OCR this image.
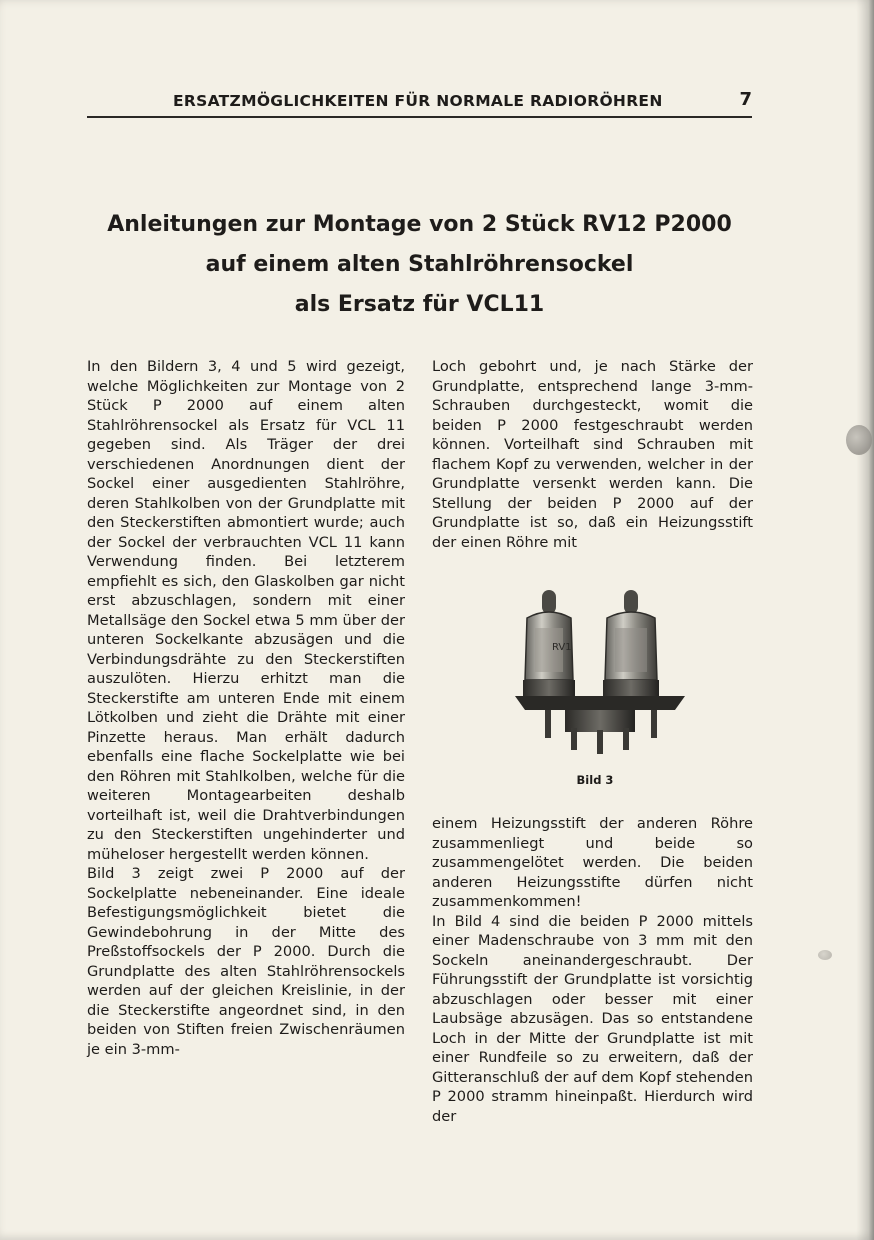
ERSATZMÖGLICHKEITEN FÜR NORMALE RADIORÖHREN	7
Anleitungen zur Montage von 2 Stück RV12 P2000
auf einem alten Stahlröhrensockel
als Ersatz für VCL11

In den Bildern 3, 4 und 5 wird gezeigt, welche Möglichkeiten zur Montage von 2 Stück P 2000 auf einem alten Stahlröhrensockel als Ersatz für VCL 11 gegeben sind. Als Träger der drei verschiedenen Anordnungen dient der Sockel einer ausgedienten Stahlröhre, deren Stahlkolben von der Grundplatte mit den Steckerstiften abmontiert wurde; auch der Sockel der verbrauchten VCL 11 kann Verwendung finden. Bei letzterem empfiehlt es sich, den Glaskolben gar nicht erst abzuschlagen, sondern mit einer Metallsäge den Sockel etwa 5 mm über der unteren Sockelkante abzusägen und die Verbindungsdrähte zu den Steckerstiften auszulöten. Hierzu erhitzt man die Steckerstifte am unteren Ende mit einem Lötkolben und zieht die Drähte mit einer Pinzette heraus. Man erhält dadurch ebenfalls eine flache Sockelplatte wie bei den Röhren mit Stahlkolben, welche für die weiteren Montagearbeiten deshalb vorteilhaft ist, weil die Drahtverbindungen zu den Steckerstiften ungehinderter und müheloser hergestellt werden können.

Bild 3 zeigt zwei P 2000 auf der Sockelplatte nebeneinander. Eine ideale Befestigungsmöglichkeit bietet die Gewindebohrung in der Mitte des Preßstoffsockels der P 2000. Durch die Grundplatte des alten Stahlröhrensockels werden auf der gleichen Kreislinie, in der die Steckerstifte angeordnet sind, in den beiden von Stiften freien Zwischenräumen je ein 3-mm-

Loch gebohrt und, je nach Stärke der Grundplatte, entsprechend lange 3-mm-Schrauben durchgesteckt, womit die beiden P 2000 festgeschraubt werden können. Vorteilhaft sind Schrauben mit flachem Kopf zu verwenden, welcher in der Grundplatte versenkt werden kann. Die Stellung der beiden P 2000 auf der Grundplatte ist so, daß ein Heizungsstift der einen Röhre mit

RV1
Bild 3

einem Heizungsstift der anderen Röhre zusammenliegt und beide so zusammengelötet werden. Die beiden anderen Heizungsstifte dürfen nicht zusammenkommen!

In Bild 4 sind die beiden P 2000 mittels einer Madenschraube von 3 mm mit den Sockeln aneinandergeschraubt. Der Führungsstift der Grundplatte ist vorsichtig abzuschlagen oder besser mit einer Laubsäge abzusägen. Das so entstandene Loch in der Mitte der Grundplatte ist mit einer Rundfeile so zu erweitern, daß der Gitteranschluß der auf dem Kopf stehenden P 2000 stramm hineinpaßt. Hierdurch wird der
